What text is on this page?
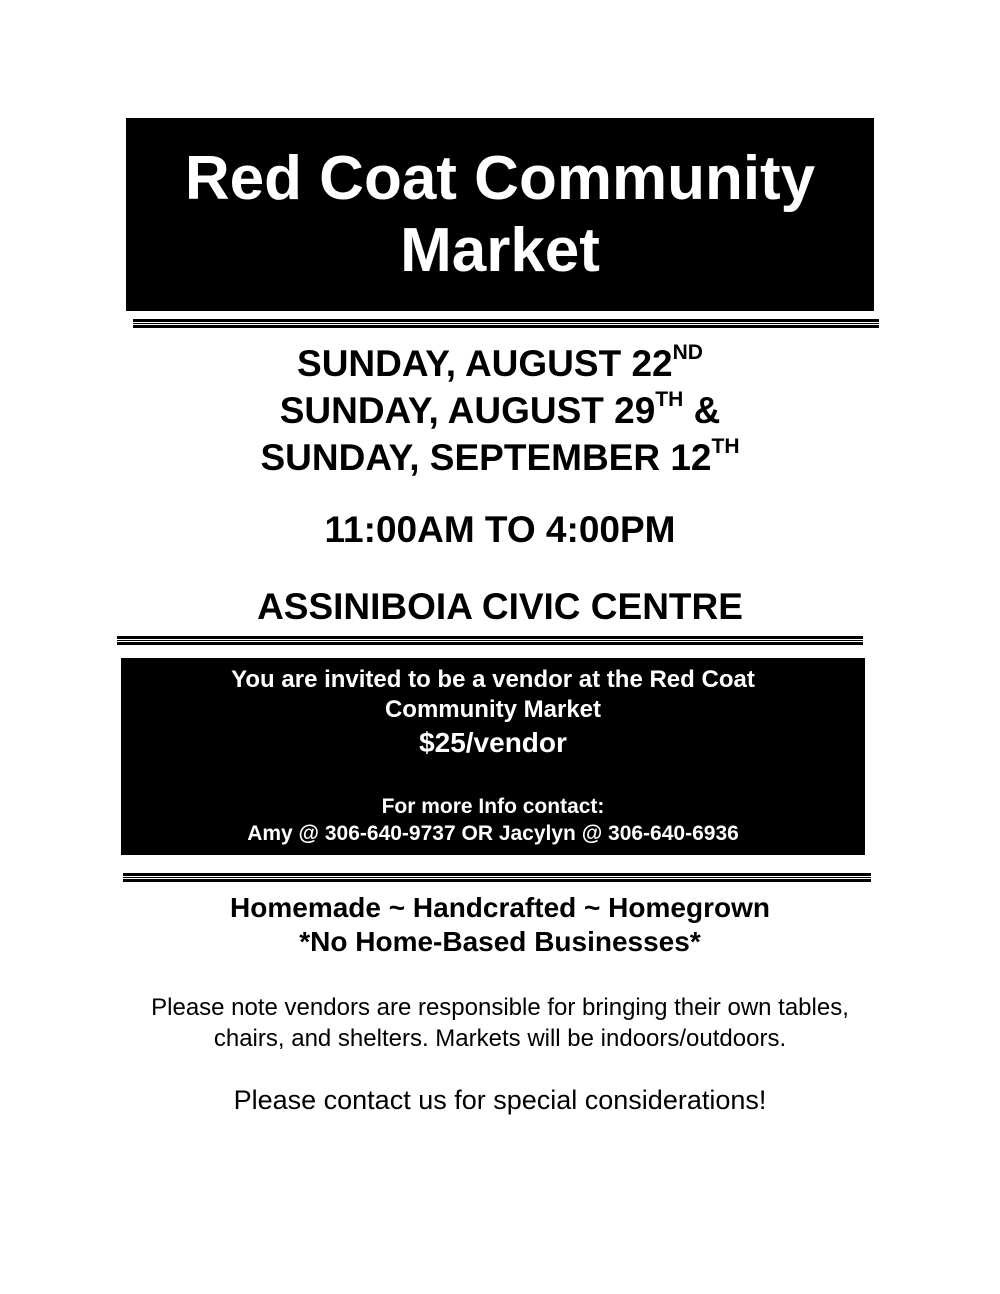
Red Coat Community
Market
SUNDAY, AUGUST 22ND
SUNDAY, AUGUST 29TH &
SUNDAY, SEPTEMBER 12TH
11:00AM TO 4:00PM
ASSINIBOIA CIVIC CENTRE
You are invited to be a vendor at the Red Coat
Community Market
$25/vendor
For more Info contact:
Amy @ 306-640-9737 OR Jacylyn @ 306-640-6936
Homemade ~ Handcrafted ~ Homegrown
*No Home-Based Businesses*
Please note vendors are responsible for bringing their own tables,
chairs, and shelters. Markets will be indoors/outdoors.
Please contact us for special considerations!
